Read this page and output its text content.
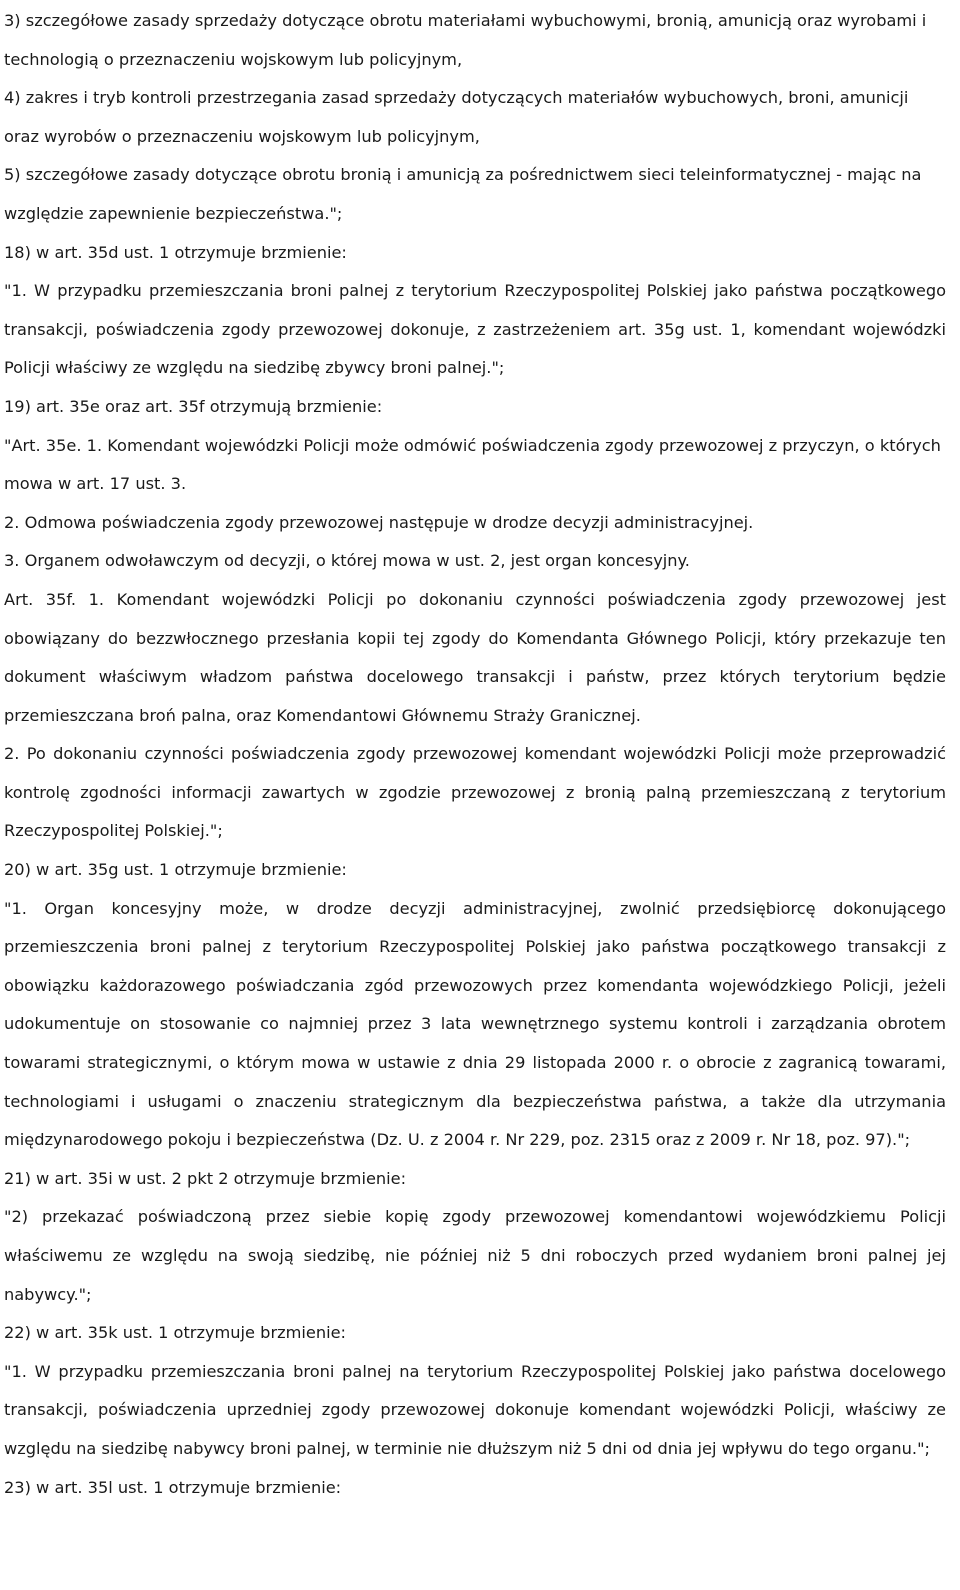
3) szczegółowe zasady sprzedaży dotyczące obrotu materiałami wybuchowymi, bronią, amunicją oraz wyrobami i technologią o przeznaczeniu wojskowym lub policyjnym,

4) zakres i tryb kontroli przestrzegania zasad sprzedaży dotyczących materiałów wybuchowych, broni, amunicji oraz wyrobów o przeznaczeniu wojskowym lub policyjnym,

5) szczegółowe zasady dotyczące obrotu bronią i amunicją za pośrednictwem sieci teleinformatycznej - mając na względzie zapewnienie bezpieczeństwa.";

18) w art. 35d ust. 1 otrzymuje brzmienie:

"1. W przypadku przemieszczania broni palnej z terytorium Rzeczypospolitej Polskiej jako państwa początkowego transakcji, poświadczenia zgody przewozowej dokonuje, z zastrzeżeniem art. 35g ust. 1, komendant wojewódzki Policji właściwy ze względu na siedzibę zbywcy broni palnej.";

19) art. 35e oraz art. 35f otrzymują brzmienie:

"Art. 35e. 1. Komendant wojewódzki Policji może odmówić poświadczenia zgody przewozowej z przyczyn, o których mowa w art. 17 ust. 3.

2. Odmowa poświadczenia zgody przewozowej następuje w drodze decyzji administracyjnej.

3. Organem odwoławczym od decyzji, o której mowa w ust. 2, jest organ koncesyjny.

Art. 35f. 1. Komendant wojewódzki Policji po dokonaniu czynności poświadczenia zgody przewozowej jest obowiązany do bezzwłocznego przesłania kopii tej zgody do Komendanta Głównego Policji, który przekazuje ten dokument właściwym władzom państwa docelowego transakcji i państw, przez których terytorium będzie przemieszczana broń palna, oraz Komendantowi Głównemu Straży Granicznej.

2. Po dokonaniu czynności poświadczenia zgody przewozowej komendant wojewódzki Policji może przeprowadzić kontrolę zgodności informacji zawartych w zgodzie przewozowej z bronią palną przemieszczaną z terytorium Rzeczypospolitej Polskiej.";

20) w art. 35g ust. 1 otrzymuje brzmienie:

"1. Organ koncesyjny może, w drodze decyzji administracyjnej, zwolnić przedsiębiorcę dokonującego przemieszczenia broni palnej z terytorium Rzeczypospolitej Polskiej jako państwa początkowego transakcji z obowiązku każdorazowego poświadczania zgód przewozowych przez komendanta wojewódzkiego Policji, jeżeli udokumentuje on stosowanie co najmniej przez 3 lata wewnętrznego systemu kontroli i zarządzania obrotem towarami strategicznymi, o którym mowa w ustawie z dnia 29 listopada 2000 r. o obrocie z zagranicą towarami, technologiami i usługami o znaczeniu strategicznym dla bezpieczeństwa państwa, a także dla utrzymania międzynarodowego pokoju i bezpieczeństwa (Dz. U. z 2004 r. Nr 229, poz. 2315 oraz z 2009 r. Nr 18, poz. 97).";

21) w art. 35i w ust. 2 pkt 2 otrzymuje brzmienie:

"2) przekazać poświadczoną przez siebie kopię zgody przewozowej komendantowi wojewódzkiemu Policji właściwemu ze względu na swoją siedzibę, nie później niż 5 dni roboczych przed wydaniem broni palnej jej nabywcy.";

22) w art. 35k ust. 1 otrzymuje brzmienie:

"1. W przypadku przemieszczania broni palnej na terytorium Rzeczypospolitej Polskiej jako państwa docelowego transakcji, poświadczenia uprzedniej zgody przewozowej dokonuje komendant wojewódzki Policji, właściwy ze względu na siedzibę nabywcy broni palnej, w terminie nie dłuższym niż 5 dni od dnia jej wpływu do tego organu.";

23) w art. 35l ust. 1 otrzymuje brzmienie:
